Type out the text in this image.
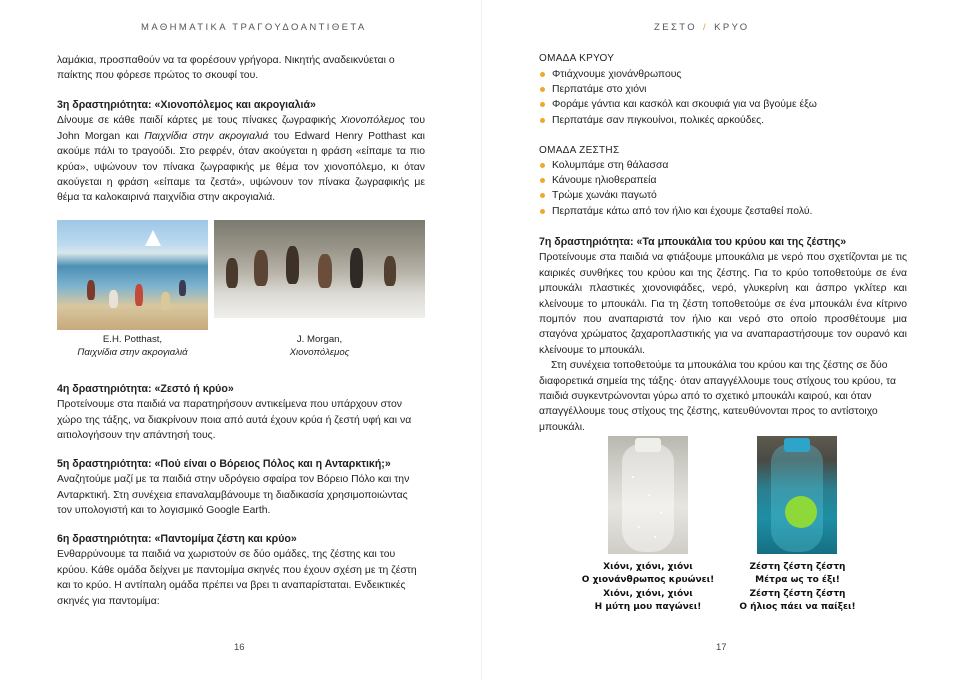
ΜΑΘΗΜΑΤΙΚΑ ΤΡΑΓΟΥΔΟΑΝΤΙΘΕΤΑ

λαμάκια, προσπαθούν να τα φορέσουν γρήγορα. Νικητής αναδεικνύεται ο παίκτης που φόρεσε πρώτος το σκουφί του.

3η δραστηριότητα: «Χιονοπόλεμος και ακρογιαλιά»

Δίνουμε σε κάθε παιδί κάρτες με τους πίνακες ζωγραφικής Χιονοπόλεμος του John Morgan και Παιχνίδια στην ακρογιαλιά του Edward Henry Potthast και ακούμε πάλι το τραγούδι. Στο ρεφρέν, όταν ακούγεται η φράση «είπαμε τα πιο κρύα», υψώνουν τον πίνακα ζωγραφικής με θέμα τον χιονοπόλεμο, κι όταν ακούγεται η φράση «είπαμε τα ζεστά», υψώνουν τον πίνακα ζωγραφικής με θέμα τα καλοκαιρινά παιχνίδια στην ακρογιαλιά.

E.H. Potthast,
Παιχνίδια στην ακρογιαλιά
J. Morgan,
Χιονοπόλεμος

4η δραστηριότητα: «Ζεστό ή κρύο»

Προτείνουμε στα παιδιά να παρατηρήσουν αντικείμενα που υπάρχουν στον χώρο της τάξης, να διακρίνουν ποια από αυτά έχουν κρύα ή ζεστή υφή και να αιτιολογήσουν την απάντησή τους.

5η δραστηριότητα: «Πού είναι ο Βόρειος Πόλος και η Ανταρκτική;»

Αναζητούμε μαζί με τα παιδιά στην υδρόγειο σφαίρα τον Βόρειο Πόλο και την Ανταρκτική. Στη συνέχεια επαναλαμβάνουμε τη διαδικασία χρησιμοποιώντας τον υπολογιστή και το λογισμικό Google Earth.

6η δραστηριότητα: «Παντομίμα ζέστη και κρύο»

Ενθαρρύνουμε τα παιδιά να χωριστούν σε δύο ομάδες, της ζέστης και του κρύου. Κάθε ομάδα δείχνει με παντομίμα σκηνές που έχουν σχέση με τη ζέστη και το κρύο. Η αντίπαλη ομάδα πρέπει να βρει τι αναπαρίσταται. Ενδεικτικές σκηνές για παντομίμα:

16
ΖΕΣΤΟ / ΚΡΥΟ
ΟΜΑΔΑ ΚΡΥΟΥ
Φτιάχνουμε χιονάνθρωπους
Περπατάμε στο χιόνι
Φοράμε γάντια και κασκόλ και σκουφιά για να βγούμε έξω
Περπατάμε σαν πιγκουίνοι, πολικές αρκούδες.
ΟΜΑΔΑ ΖΕΣΤΗΣ
Κολυμπάμε στη θάλασσα
Κάνουμε ηλιοθεραπεία
Τρώμε χωνάκι παγωτό
Περπατάμε κάτω από τον ήλιο και έχουμε ζεσταθεί πολύ.

7η δραστηριότητα: «Τα μπουκάλια του κρύου και της ζέστης»

Προτείνουμε στα παιδιά να φτιάξουμε μπουκάλια με νερό που σχετίζονται με τις καιρικές συνθήκες του κρύου και της ζέστης. Για το κρύο τοποθετούμε σε ένα μπουκάλι πλαστικές χιονονιφάδες, νερό, γλυκερίνη και άσπρο γκλίτερ και κλείνουμε το μπουκάλι. Για τη ζέστη τοποθετούμε σε ένα μπουκάλι ένα κίτρινο πομπόν που αναπαριστά τον ήλιο και νερό στο οποίο προσθέτουμε μια σταγόνα χρώματος ζαχαροπλαστικής για να αναπαραστήσουμε τον ουρανό και κλείνουμε το μπουκάλι.

Στη συνέχεια τοποθετούμε τα μπουκάλια του κρύου και της ζέστης σε δύο διαφορετικά σημεία της τάξης· όταν απαγγέλλουμε τους στίχους του κρύου, τα παιδιά συγκεντρώνονται γύρω από το σχετικό μπουκάλι καιρού, και όταν απαγγέλλουμε τους στίχους της ζέστης, κατευθύνονται προς το αντίστοιχο μπουκάλι.

Χιόνι, χιόνι, χιόνι
Ο χιονάνθρωπος κρυώνει!
Χιόνι, χιόνι, χιόνι
Η μύτη μου παγώνει!
Ζέστη ζέστη ζέστη
Μέτρα ως το έξι!
Ζέστη ζέστη ζέστη
Ο ήλιος πάει να παίξει!
17
